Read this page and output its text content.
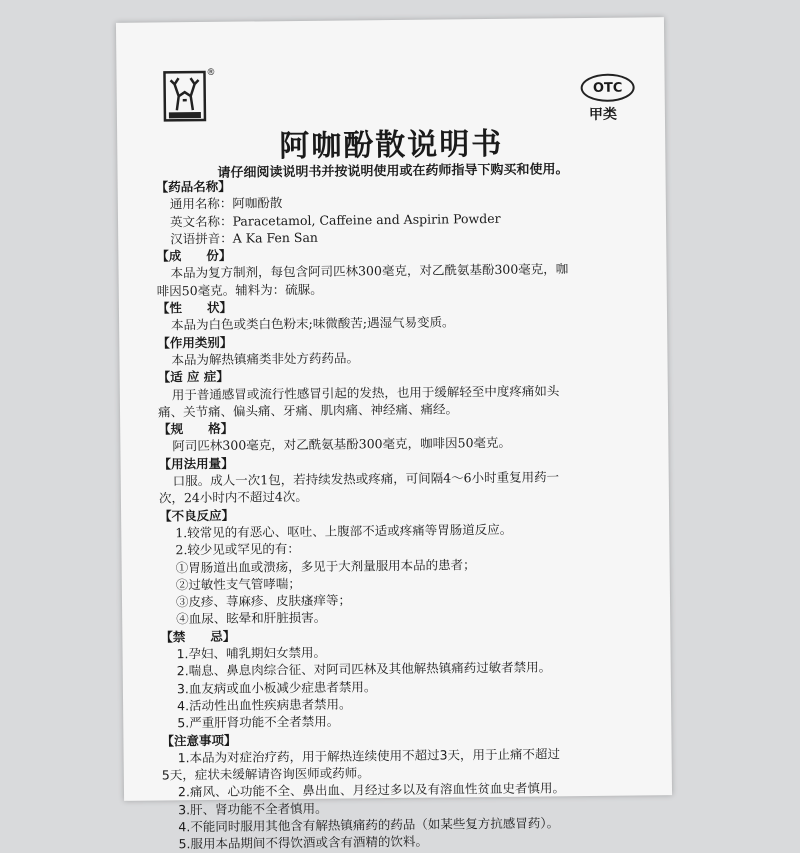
®
OTC
甲类
阿咖酚散说明书
请仔细阅读说明书并按说明使用或在药师指导下购买和使用。
【药品名称】
通用名称：阿咖酚散
英文名称：Paracetamol, Caffeine and Aspirin Powder
汉语拼音：A Ka Fen San
【成　　份】
本品为复方制剂，每包含阿司匹林300毫克，对乙酰氨基酚300毫克，咖
啡因50毫克。辅料为：硫脲。
【性　　状】
本品为白色或类白色粉末;味微酸苦;遇湿气易变质。
【作用类别】
本品为解热镇痛类非处方药药品。
【适 应 症】
用于普通感冒或流行性感冒引起的发热，也用于缓解轻至中度疼痛如头
痛、关节痛、偏头痛、牙痛、肌肉痛、神经痛、痛经。
【规　　格】
阿司匹林300毫克，对乙酰氨基酚300毫克，咖啡因50毫克。
【用法用量】
口服。成人一次1包，若持续发热或疼痛，可间隔4～6小时重复用药一
次，24小时内不超过4次。
【不良反应】
1.较常见的有恶心、呕吐、上腹部不适或疼痛等胃肠道反应。
2.较少见或罕见的有：
①胃肠道出血或溃疡，多见于大剂量服用本品的患者；
②过敏性支气管哮喘；
③皮疹、荨麻疹、皮肤瘙痒等；
④血尿、眩晕和肝脏损害。
【禁　　忌】
1.孕妇、哺乳期妇女禁用。
2.喘息、鼻息肉综合征、对阿司匹林及其他解热镇痛药过敏者禁用。
3.血友病或血小板减少症患者禁用。
4.活动性出血性疾病患者禁用。
5.严重肝肾功能不全者禁用。
【注意事项】
1.本品为对症治疗药，用于解热连续使用不超过3天，用于止痛不超过
5天，症状未缓解请咨询医师或药师。
2.痛风、心功能不全、鼻出血、月经过多以及有溶血性贫血史者慎用。
3.肝、肾功能不全者慎用。
4.不能同时服用其他含有解热镇痛药的药品（如某些复方抗感冒药）。
5.服用本品期间不得饮酒或含有酒精的饮料。
